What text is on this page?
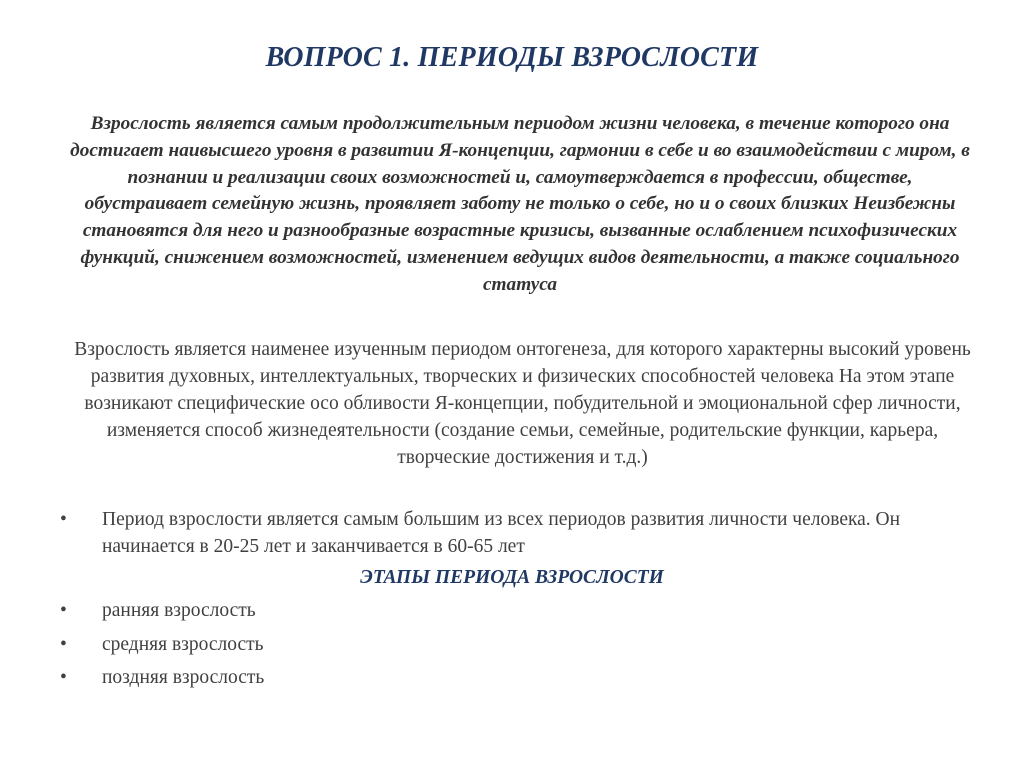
ВОПРОС 1. ПЕРИОДЫ ВЗРОСЛОСТИ
Взрослость является самым продолжительным периодом жизни человека, в течение которого она достигает наивысшего уровня в развитии Я-концепции, гармонии в себе и во взаимодействии с миром, в познании и реализации своих возможностей и, самоутверждается в профессии, обществе, обустраивает семейную жизнь, проявляет заботу не только о себе, но и о своих близких Неизбежны становятся для него и разнообразные возрастные кризисы, вызванные ослаблением психофизических функций, снижением возможностей, изменением ведущих видов деятельности, а также социального статуса
Взрослость является наименее изученным периодом онтогенеза, для которого характерны высокий уровень развития духовных, интеллектуальных, творческих и физических способностей человека На этом этапе возникают специфические осо обливости Я-концепции, побудительной и эмоциональной сфер личности, изменяется способ жизнедеятельности (создание семьи, семейные, родительские функции, карьера, творческие достижения и т.д.)
•	Период взрослости является самым большим из всех периодов развития личности человека. Он начинается в 20-25 лет и заканчивается в 60-65 лет
ЭТАПЫ ПЕРИОДА ВЗРОСЛОСТИ
•	ранняя взрослость
•	средняя взрослость
•	поздняя взрослость
